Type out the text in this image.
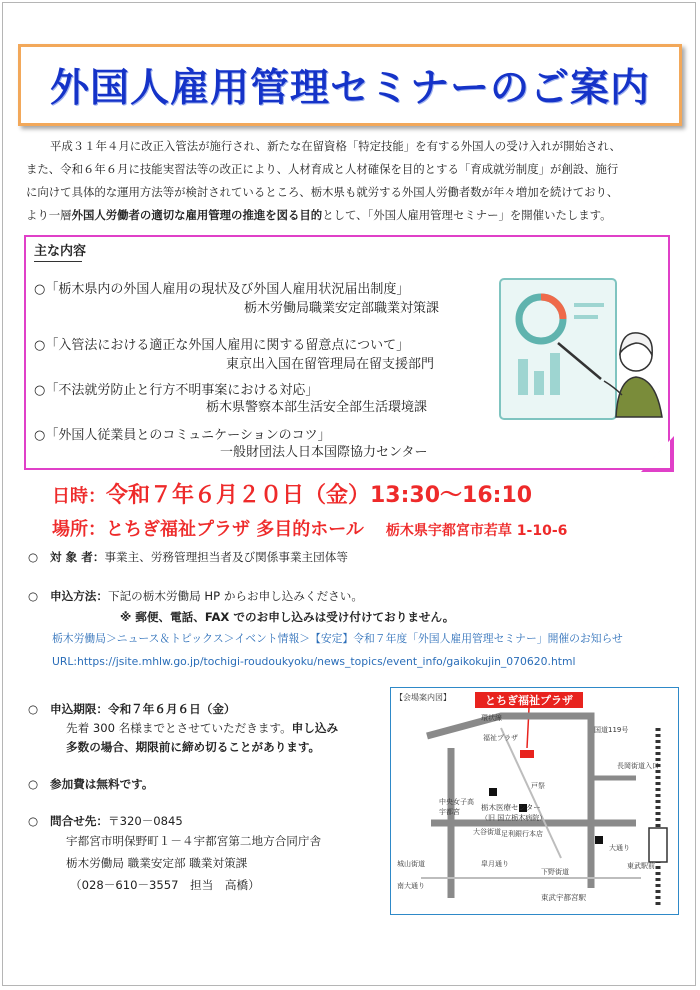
外国人雇用管理セミナーのご案内

平成３１年４月に改正入管法が施行され、新たな在留資格「特定技能」を有する外国人の受け入れが開始され、

また、令和６年６月に技能実習法等の改正により、人材育成と人材確保を目的とする「育成就労制度」が創設、施行

に向けて具体的な運用方法等が検討されているところ、栃木県も就労する外国人労働者数が年々増加を続けており、

より一層外国人労働者の適切な雇用管理の推進を図る目的として、「外国人雇用管理セミナー」を開催いたします。

主な内容
○「栃木県内の外国人雇用の現状及び外国人雇用状況届出制度」
栃木労働局職業安定部職業対策課
○「入管法における適正な外国人雇用に関する留意点について」
東京出入国在留管理局在留支援部門
○「不法就労防止と行方不明事案における対応」
栃木県警察本部生活安全部生活環境課
○「外国人従業員とのコミュニケーションのコツ」
一般財団法人日本国際協力センター
日時：令和７年６月２０日（金）13:30～16:10
場所：とちぎ福祉プラザ 多目的ホール 栃木県宇都宮市若草 1-10-6
○ 対 象 者：事業主、労務管理担当者及び関係事業主団体等
○ 申込方法：下記の栃木労働局 HP からお申し込みください。
※ 郵便、電話、FAX でのお申し込みは受け付けておりません。
栃木労働局＞ニュース＆トピックス＞イベント情報＞【安定】令和７年度「外国人雇用管理セミナー」開催のお知らせ
URL:https://jsite.mhlw.go.jp/tochigi-roudoukyoku/news_topics/event_info/gaikokujin_070620.html
○ 申込期限：令和７年６月６日（金）
先着 300 名様までとさせていただきます。申し込み
多数の場合、期限前に締め切ることがあります。
○ 参加費は無料です。
○ 問合せ先：〒320－0845
宇都宮市明保野町１－４宇都宮第二地方合同庁舎
栃木労働局 職業安定部 職業対策課
（028－610－3557　担当　高橋）
とちぎ福祉プラザ
【会場案内図】
環状線
福祉プラザ
国道119号
長岡街道入口
戸祭
栃木医療センター
（旧 国立栃木病院）
足利銀行本店
大通り
東武駅前
中央女子高
宇都宮
大谷街道
城山街道	皐月通り
東武宇都宮駅
下野街道
南大通り
